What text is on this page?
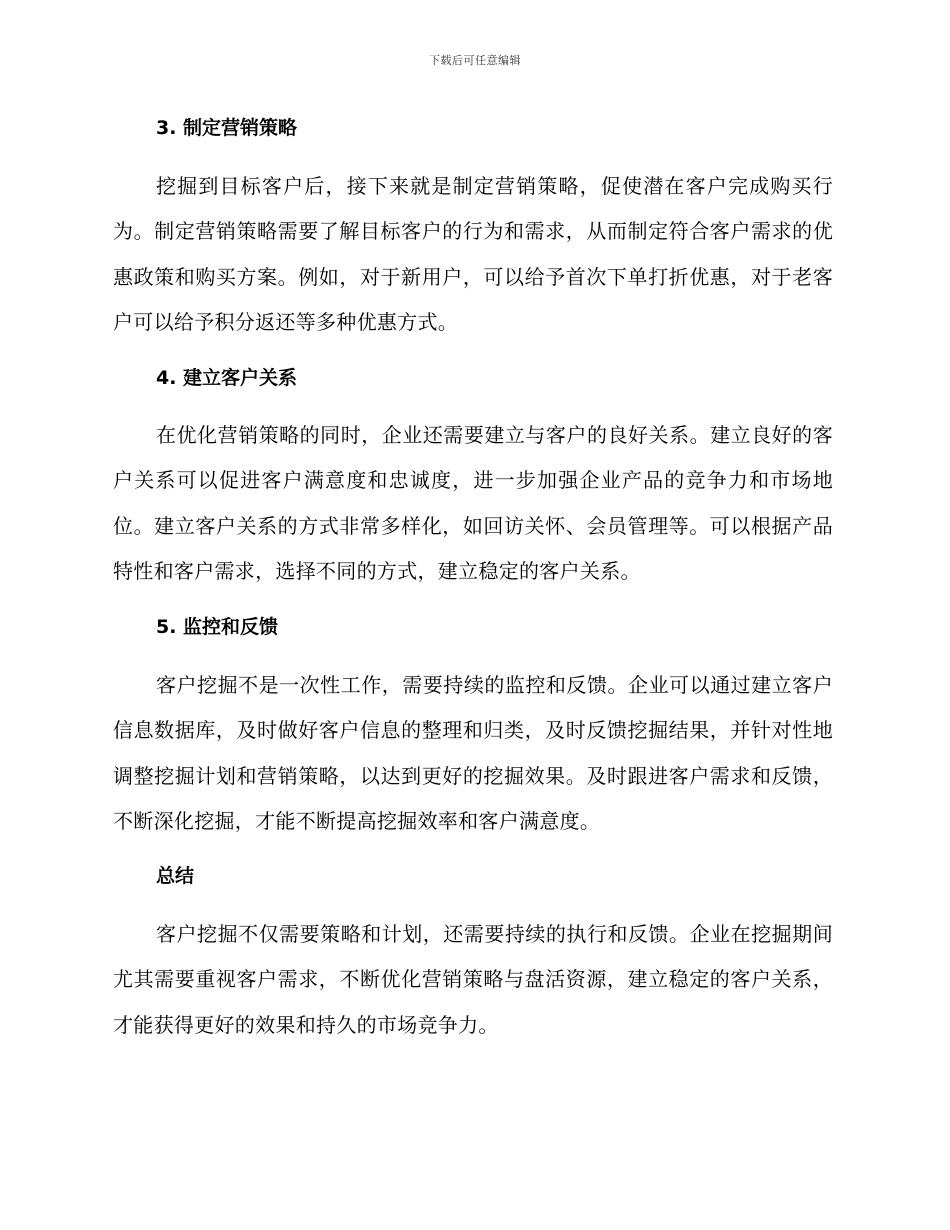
下载后可任意编辑
3. 制定营销策略
挖掘到目标客户后，接下来就是制定营销策略，促使潜在客户完成购买行为。制定营销策略需要了解目标客户的行为和需求，从而制定符合客户需求的优惠政策和购买方案。例如，对于新用户，可以给予首次下单打折优惠，对于老客户可以给予积分返还等多种优惠方式。
4. 建立客户关系
在优化营销策略的同时，企业还需要建立与客户的良好关系。建立良好的客户关系可以促进客户满意度和忠诚度，进一步加强企业产品的竞争力和市场地位。建立客户关系的方式非常多样化，如回访关怀、会员管理等。可以根据产品特性和客户需求，选择不同的方式，建立稳定的客户关系。
5. 监控和反馈
客户挖掘不是一次性工作，需要持续的监控和反馈。企业可以通过建立客户信息数据库，及时做好客户信息的整理和归类，及时反馈挖掘结果，并针对性地调整挖掘计划和营销策略，以达到更好的挖掘效果。及时跟进客户需求和反馈，不断深化挖掘，才能不断提高挖掘效率和客户满意度。
总结
客户挖掘不仅需要策略和计划，还需要持续的执行和反馈。企业在挖掘期间尤其需要重视客户需求，不断优化营销策略与盘活资源，建立稳定的客户关系，才能获得更好的效果和持久的市场竞争力。
